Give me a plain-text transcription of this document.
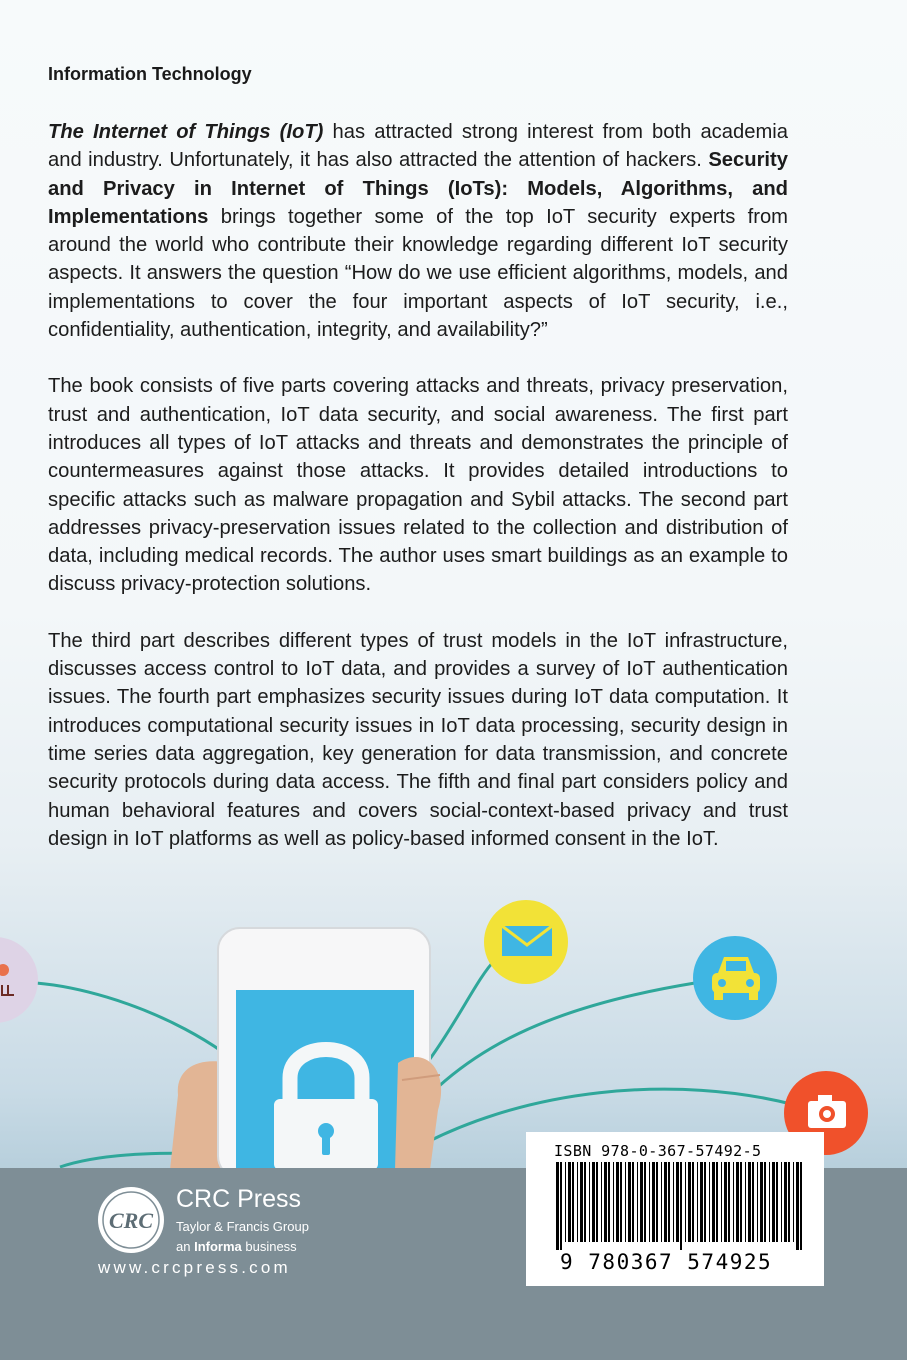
Information Technology

The Internet of Things (IoT) has attracted strong interest from both academia and industry. Unfortunately, it has also attracted the attention of hackers. Security and Privacy in Internet of Things (IoTs): Models, Algorithms, and Implementations brings together some of the top IoT security experts from around the world who contribute their knowledge regarding different IoT security aspects. It answers the question “How do we use efficient algorithms, models, and implementations to cover the four important aspects of IoT security, i.e., confidentiality, authentication, integrity, and availability?”

The book consists of five parts covering attacks and threats, privacy preservation, trust and authentication, IoT data security, and social awareness. The first part introduces all types of IoT attacks and threats and demonstrates the principle of countermeasures against those attacks. It provides detailed introductions to specific attacks such as malware propagation and Sybil attacks. The second part addresses privacy-preservation issues related to the collection and distribution of data, including medical records. The author uses smart buildings as an example to discuss privacy-protection solutions.

The third part describes different types of trust models in the IoT infrastructure, discusses access control to IoT data, and provides a survey of IoT authentication issues. The fourth part emphasizes security issues during IoT data computation. It introduces computational security issues in IoT data processing, security design in time series data aggregation, key generation for data transmission, and concrete security protocols during data access. The fifth and final part considers policy and human behavioral features and covers social-context-based privacy and trust design in IoT platforms as well as policy-based informed consent in the IoT.

CRC
CRC Press
Taylor & Francis Group
an Informa business
www.crcpress.com
ISBN 978-0-367-57492-5
9 780367 574925
